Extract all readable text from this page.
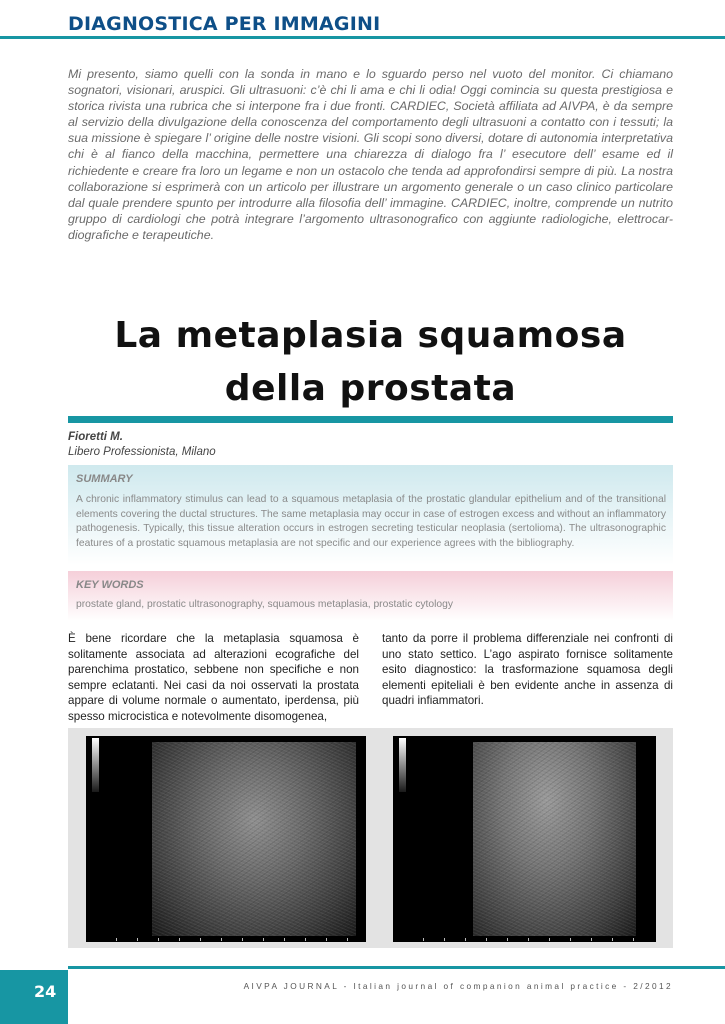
DIAGNOSTICA PER IMMAGINI

Mi presento, siamo quelli con la sonda in mano e lo sguardo perso nel vuoto del monitor. Ci chiamano sognatori, visionari, aruspici. Gli ultrasuoni: c’è chi li ama e chi li odia! Oggi comincia su questa prestigiosa e storica rivista una rubrica che si interpone fra i due fronti. CARDIEC, Società affiliata ad AIVPA, è da sempre al servizio della divulgazione della conoscenza del comportamento degli ultrasuoni a contatto con i tessuti; la sua missione è spiegare l’ origine delle nostre visioni. Gli scopi sono diversi, dotare di autonomia interpretativa chi è al fianco della macchina, permettere una chiarezza di dialogo fra l’ esecutore dell’ esame ed il richiedente e creare fra loro un legame e non un ostacolo che tenda ad approfondirsi sempre di più. La nostra collaborazione si esprimerà con un articolo per illustrare un argomento generale o un caso clinico particolare dal quale prendere spunto per introdurre alla filosofia dell’ immagine. CARDIEC, inoltre, comprende un nutrito gruppo di cardiologi che potrà integrare l’argomento ultrasonografico con aggiunte radiologiche, elettrocar-diografiche e terapeutiche.

La metaplasia squamosa
della prostata
Fioretti M.
Libero Professionista, Milano
SUMMARY

A chronic inflammatory stimulus can lead to a squamous metaplasia of the prostatic glandular epithelium and of the transitional elements covering the ductal structures. The same metaplasia may occur in case of estrogen excess and without an inflammatory pathogenesis. Typically, this tissue alteration occurs in estrogen secreting testicular neoplasia (sertolioma). The ultrasonographic features of a prostatic squamous metaplasia are not specific and our experience agrees with the bibliography.

KEY WORDS

prostate gland, prostatic ultrasonography, squamous metaplasia, prostatic cytology

È bene ricordare che la metaplasia squamosa è solitamente associata ad alterazioni ecografiche del parenchima prostatico, sebbene non specifiche e non sempre eclatanti. Nei casi da noi osservati la prostata appare di volume normale o aumentato, iperdensa, più spesso microcistica e notevolmente disomogenea,

tanto da porre il problema differenziale nei confronti di uno stato settico. L’ago aspirato fornisce solitamente esito diagnostico: la trasformazione squamosa degli elementi epiteliali è ben evidente anche in assenza di quadri infiammatori.

24	AIVPA JOURNAL - Italian journal of companion animal practice - 2/2012
